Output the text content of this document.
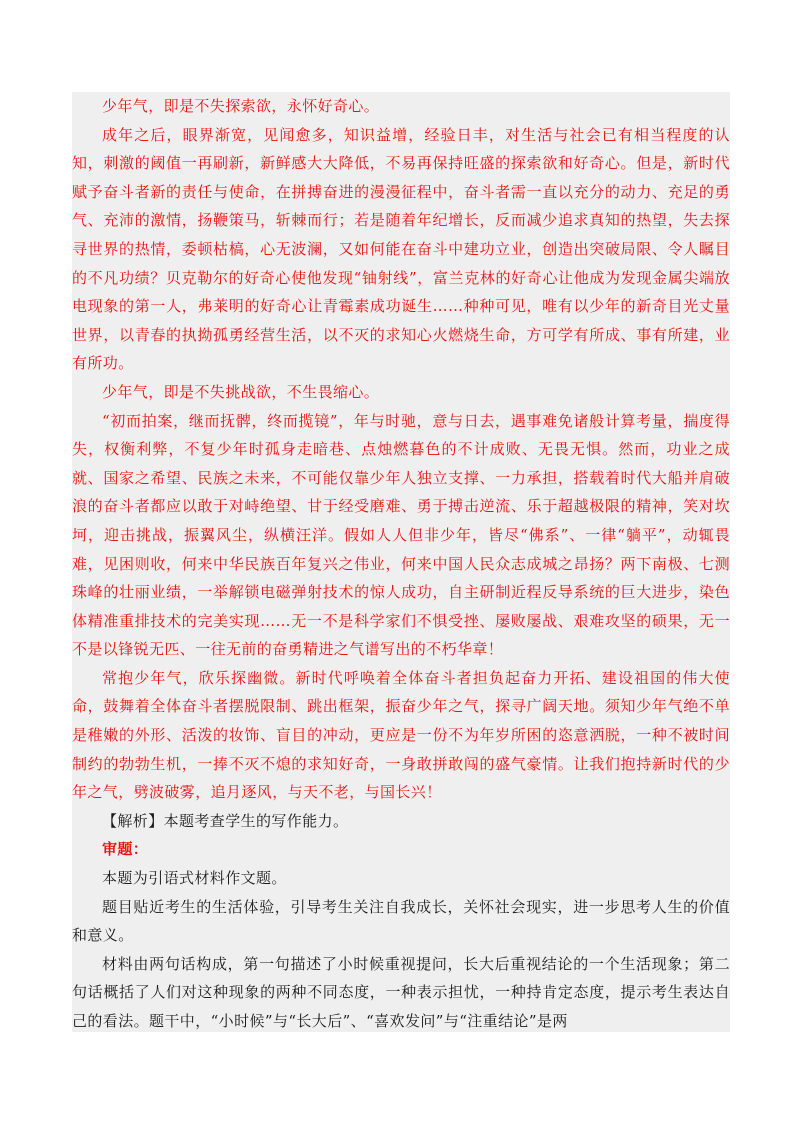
少年气，即是不失探索欲，永怀好奇心。

成年之后，眼界渐宽，见闻愈多，知识益增，经验日丰，对生活与社会已有相当程度的认知，刺激的阈值一再刷新，新鲜感大大降低，不易再保持旺盛的探索欲和好奇心。但是，新时代赋予奋斗者新的责任与使命，在拼搏奋进的漫漫征程中，奋斗者需一直以充分的动力、充足的勇气、充沛的激情，扬鞭策马，斩棘而行；若是随着年纪增长，反而减少追求真知的热望，失去探寻世界的热情，委顿枯槁，心无波澜，又如何能在奋斗中建功立业，创造出突破局限、令人瞩目的不凡功绩？贝克勒尔的好奇心使他发现“铀射线”，富兰克林的好奇心让他成为发现金属尖端放电现象的第一人，弗莱明的好奇心让青霉素成功诞生……种种可见，唯有以少年的新奇目光丈量世界，以青春的执拗孤勇经营生活，以不灭的求知心火燃烧生命，方可学有所成、事有所建，业有所功。

少年气，即是不失挑战欲，不生畏缩心。

“初而拍案，继而抚髀，终而揽镜”，年与时驰，意与日去，遇事难免诸般计算考量，揣度得失，权衡利弊，不复少年时孤身走暗巷、点烛燃暮色的不计成败、无畏无惧。然而，功业之成就、国家之希望、民族之未来，不可能仅靠少年人独立支撑、一力承担，搭载着时代大船并肩破浪的奋斗者都应以敢于对峙绝望、甘于经受磨难、勇于搏击逆流、乐于超越极限的精神，笑对坎坷，迎击挑战，振翼风尘，纵横汪洋。假如人人但非少年，皆尽“佛系”、一律“躺平”，动辄畏难，见困则收，何来中华民族百年复兴之伟业，何来中国人民众志成城之昂扬？两下南极、七测珠峰的壮丽业绩，一举解锁电磁弹射技术的惊人成功，自主研制近程反导系统的巨大进步，染色体精准重排技术的完美实现……无一不是科学家们不惧受挫、屡败屡战、艰难攻坚的硕果，无一不是以锋锐无匹、一往无前的奋勇精进之气谱写出的不朽华章！

常抱少年气，欣乐探幽微。新时代呼唤着全体奋斗者担负起奋力开拓、建设祖国的伟大使命，鼓舞着全体奋斗者摆脱限制、跳出框架，振奋少年之气，探寻广阔天地。须知少年气绝不单是稚嫩的外形、活泼的妆饰、盲目的冲动，更应是一份不为年岁所困的恣意洒脱，一种不被时间制约的勃勃生机，一捧不灭不熄的求知好奇，一身敢拼敢闯的盛气豪情。让我们抱持新时代的少年之气，劈波破雾，追月逐风，与天不老，与国长兴！

【解析】本题考查学生的写作能力。

审题：

本题为引语式材料作文题。

题目贴近考生的生活体验，引导考生关注自我成长，关怀社会现实，进一步思考人生的价值和意义。

材料由两句话构成，第一句描述了小时候重视提问，长大后重视结论的一个生活现象；第二句话概括了人们对这种现象的两种不同态度，一种表示担忧，一种持肯定态度，提示考生表达自己的看法。题干中，“小时候”与“长大后”、“喜欢发问”与“注重结论”是两
